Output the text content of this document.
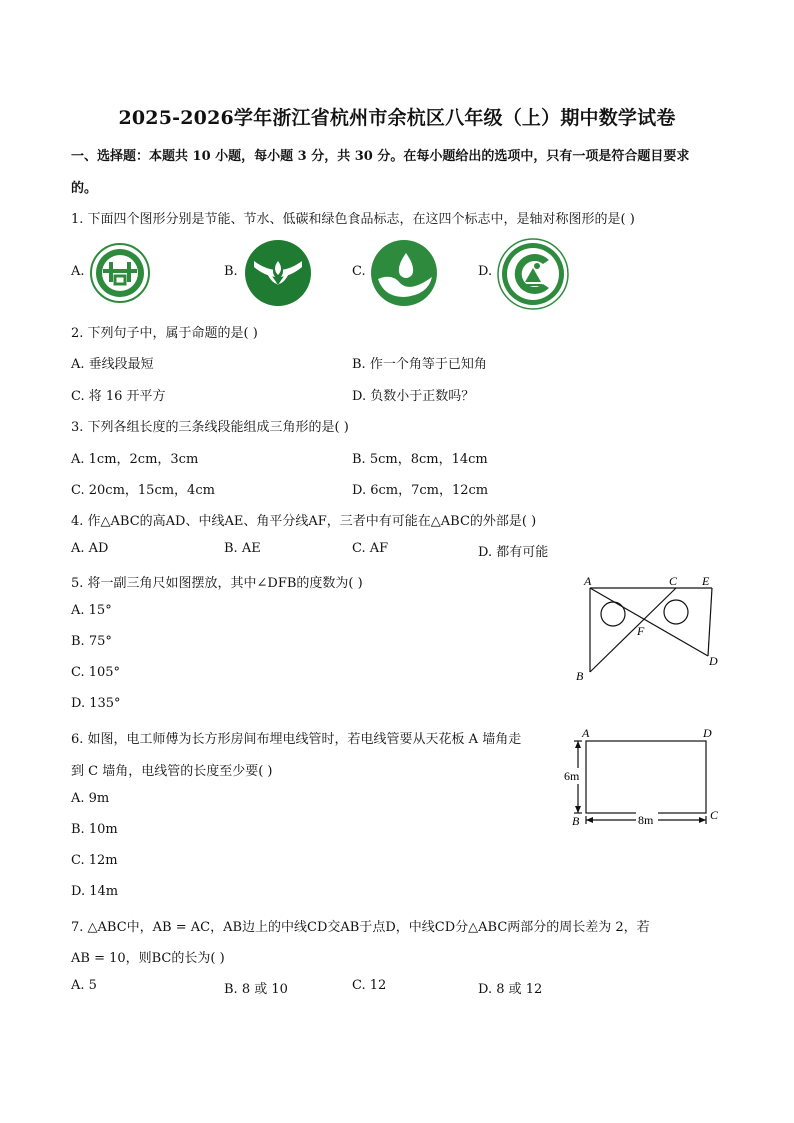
2025-2026学年浙江省杭州市余杭区八年级（上）期中数学试卷
一、选择题：本题共 10 小题，每小题 3 分，共 30 分。在每小题给出的选项中，只有一项是符合题目要求
的。
1. 下面四个图形分别是节能、节水、低碳和绿色食品标志，在这四个标志中，是轴对称图形的是( )
A.	B.	C.	D.
2. 下列句子中，属于命题的是( )
A. 垂线段最短	B. 作一个角等于已知角
C. 将 16 开平方	D. 负数小于正数吗？
3. 下列各组长度的三条线段能组成三角形的是( )
A. 1cm，2cm，3cm	B. 5cm，8cm，14cm
C. 20cm，15cm，4cm	D. 6cm，7cm，12cm
4. 作△ABC的高AD、中线AE、角平分线AF，三者中有可能在△ABC的外部是( )
A. AD	B. AE	C. AF	D. 都有可能
5. 将一副三角尺如图摆放，其中∠DFB的度数为( )
A. 15°
B. 75°
C. 105°
D. 135°
A	C E
F
B
D
6. 如图，电工师傅为长方形房间布埋电线管时，若电线管要从天花板 A 墙角走
到 C 墙角，电线管的长度至少要( )
A. 9m
B. 10m
C. 12m
D. 14m
A	D
B	C
6m
8m
7. △ABC中，AB = AC，AB边上的中线CD交AB于点D，中线CD分△ABC两部分的周长差为 2，若
AB = 10，则BC的长为( )
A. 5	B. 8 或 10	C. 12	D. 8 或 12
